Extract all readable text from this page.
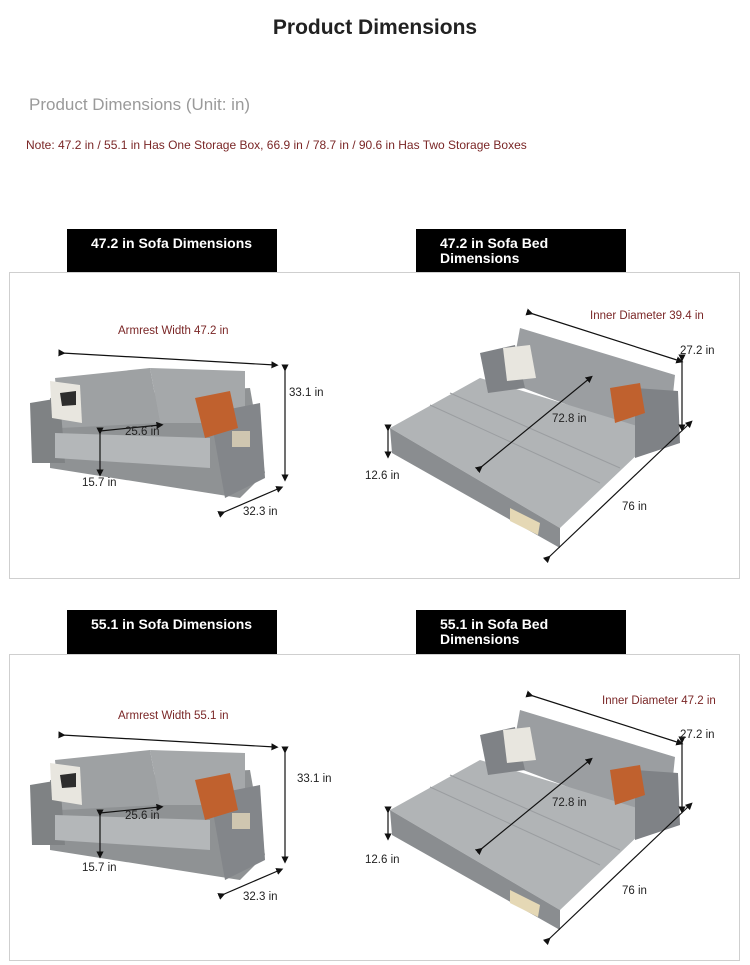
Product Dimensions
Product Dimensions (Unit: in)
Note: 47.2 in / 55.1 in Has One Storage Box, 66.9 in / 78.7 in / 90.6 in Has Two Storage Boxes
47.2 in Sofa Dimensions	47.2 in Sofa Bed Dimensions
Armrest Width 47.2 in
33.1 in
25.6 in
15.7 in
32.3 in
Inner Diameter 39.4 in
27.2 in
72.8 in
12.6 in
76 in
55.1 in Sofa Dimensions	55.1 in Sofa Bed Dimensions
Armrest Width 55.1 in
33.1 in
25.6 in
15.7 in
32.3 in
Inner Diameter 47.2 in
27.2 in
72.8 in
12.6 in
76 in
